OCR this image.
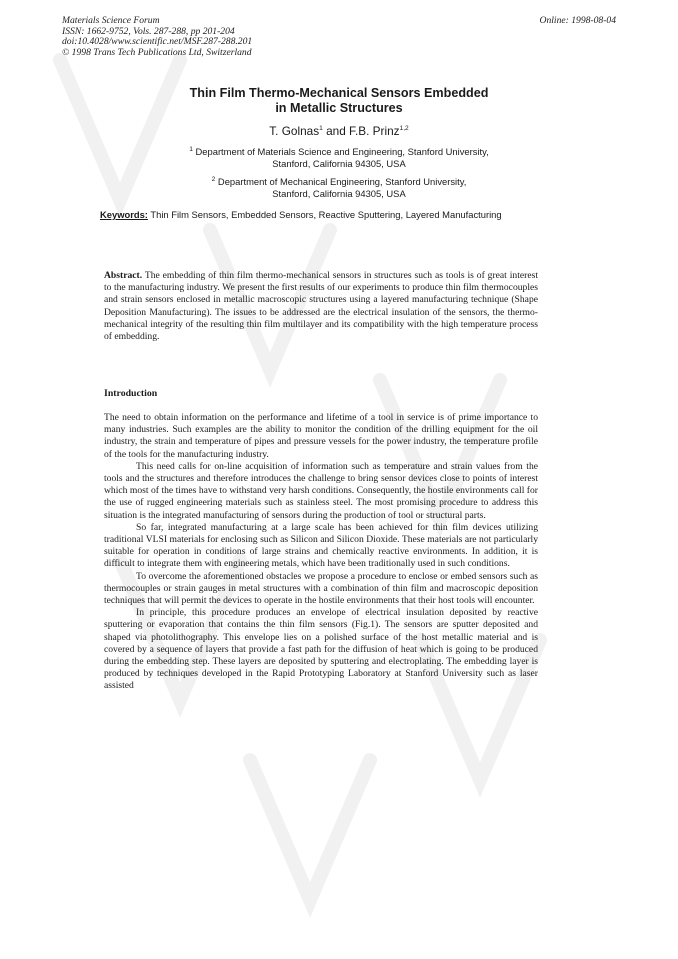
Materials Science Forum
ISSN: 1662-9752, Vols. 287-288, pp 201-204
doi:10.4028/www.scientific.net/MSF.287-288.201
© 1998 Trans Tech Publications Ltd, Switzerland
Online: 1998-08-04
Thin Film Thermo-Mechanical Sensors Embedded
in Metallic Structures
T. Golnas$^1$ and F.B. Prinz$^{1,2}$
$^1$ Department of Materials Science and Engineering, Stanford University,
Stanford, California 94305, USA
$^2$ Department of Mechanical Engineering, Stanford University,
Stanford, California 94305, USA
Keywords: Thin Film Sensors, Embedded Sensors, Reactive Sputtering, Layered Manufacturing
Abstract. The embedding of thin film thermo-mechanical sensors in structures such as tools is of great interest to the manufacturing industry. We present the first results of our experiments to produce thin film thermocouples and strain sensors enclosed in metallic macroscopic structures using a layered manufacturing technique (Shape Deposition Manufacturing). The issues to be addressed are the electrical insulation of the sensors, the thermo-mechanical integrity of the resulting thin film multilayer and its compatibility with the high temperature process of embedding.
Introduction

The need to obtain information on the performance and lifetime of a tool in service is of prime importance to many industries. Such examples are the ability to monitor the condition of the drilling equipment for the oil industry, the strain and temperature of pipes and pressure vessels for the power industry, the temperature profile of the tools for the manufacturing industry.

This need calls for on-line acquisition of information such as temperature and strain values from the tools and the structures and therefore introduces the challenge to bring sensor devices close to points of interest which most of the times have to withstand very harsh conditions. Consequently, the hostile environments call for the use of rugged engineering materials such as stainless steel. The most promising procedure to address this situation is the integrated manufacturing of sensors during the production of tool or structural parts.

So far, integrated manufacturing at a large scale has been achieved for thin film devices utilizing traditional VLSI materials for enclosing such as Silicon and Silicon Dioxide. These materials are not particularly suitable for operation in conditions of large strains and chemically reactive environments. In addition, it is difficult to integrate them with engineering metals, which have been traditionally used in such conditions.

To overcome the aforementioned obstacles we propose a procedure to enclose or embed sensors such as thermocouples or strain gauges in metal structures with a combination of thin film and macroscopic deposition techniques that will permit the devices to operate in the hostile environments that their host tools will encounter.

In principle, this procedure produces an envelope of electrical insulation deposited by reactive sputtering or evaporation that contains the thin film sensors (Fig.1). The sensors are sputter deposited and shaped via photolithography. This envelope lies on a polished surface of the host metallic material and is covered by a sequence of layers that provide a fast path for the diffusion of heat which is going to be produced during the embedding step. These layers are deposited by sputtering and electroplating. The embedding layer is produced by techniques developed in the Rapid Prototyping Laboratory at Stanford University such as laser assisted
